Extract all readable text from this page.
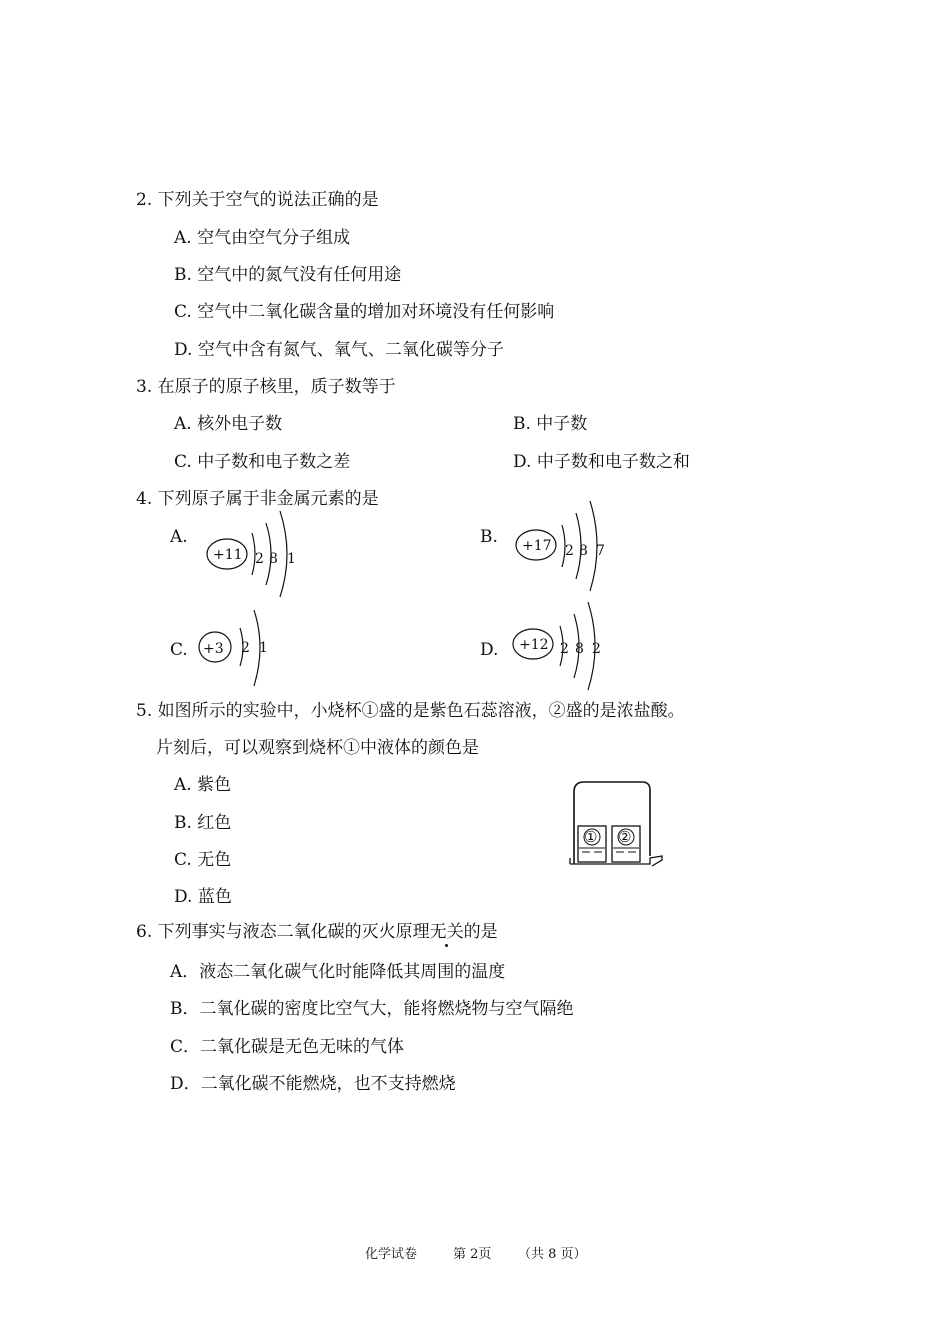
2. 下列关于空气的说法正确的是
A. 空气由空气分子组成
B. 空气中的氮气没有任何用途
C. 空气中二氧化碳含量的增加对环境没有任何影响
D. 空气中含有氮气、氧气、二氧化碳等分子
3. 在原子的原子核里，质子数等于
A. 核外电子数	B. 中子数
C. 中子数和电子数之差	D. 中子数和电子数之和
4. 下列原子属于非金属元素的是
A.
+11 2 8 1
B. +17 2 8 7
C. +3 2 1	D. +12 2 8 2
5. 如图所示的实验中，小烧杯①盛的是紫色石蕊溶液，②盛的是浓盐酸。
片刻后，可以观察到烧杯①中液体的颜色是
A. 紫色
B. 红色
C. 无色
D. 蓝色
① ②
6. 下列事实与液态二氧化碳的灭火原理无关的是
A．液态二氧化碳气化时能降低其周围的温度
B．二氧化碳的密度比空气大，能将燃烧物与空气隔绝
C．二氧化碳是无色无味的气体
D．二氧化碳不能燃烧，也不支持燃烧
化学试卷	第 2页 （共 8 页）
